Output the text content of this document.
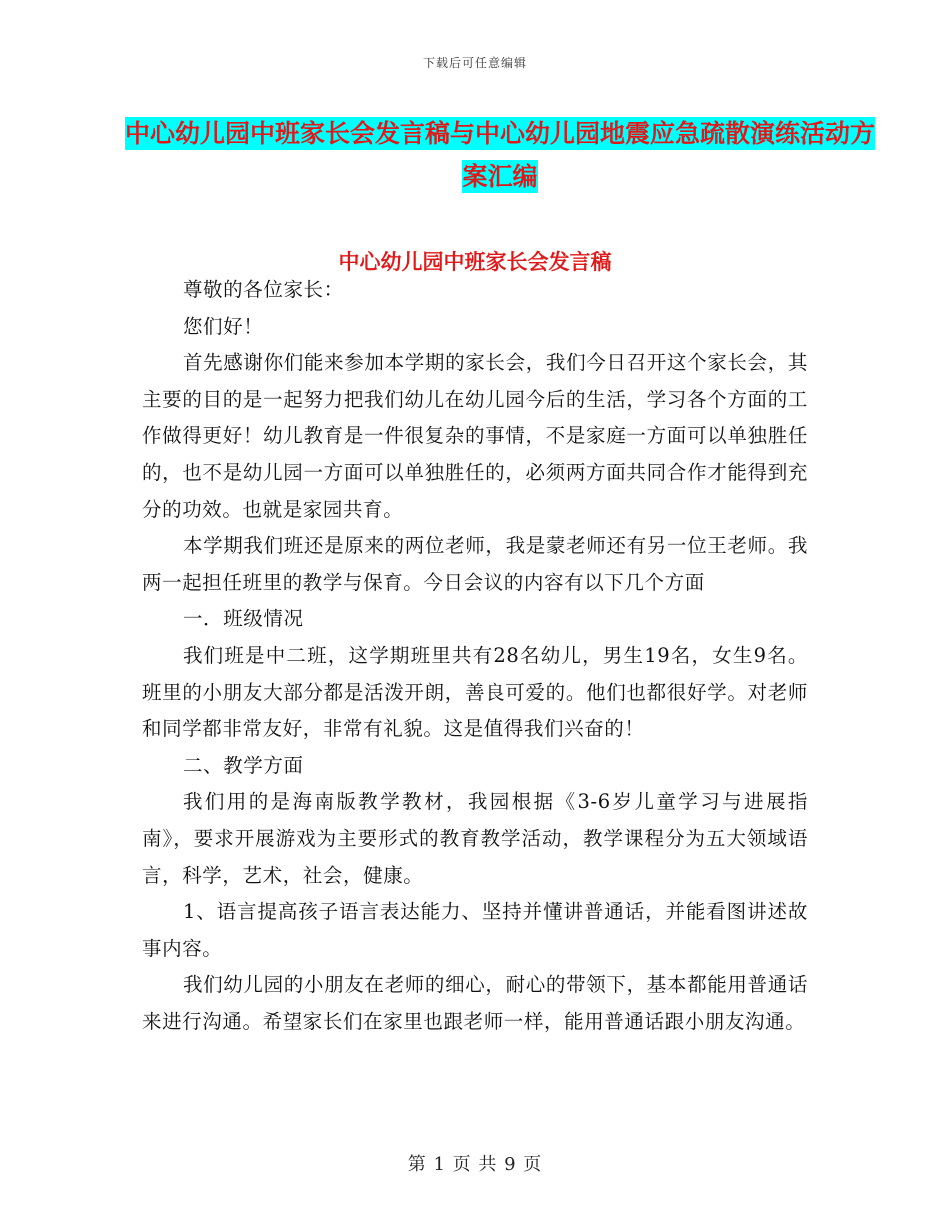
下载后可任意编辑
中心幼儿园中班家长会发言稿与中心幼儿园地震应急疏散演练活动方案汇编
中心幼儿园中班家长会发言稿

尊敬的各位家长：

您们好！

首先感谢你们能来参加本学期的家长会，我们今日召开这个家长会，其主要的目的是一起努力把我们幼儿在幼儿园今后的生活，学习各个方面的工作做得更好！幼儿教育是一件很复杂的事情，不是家庭一方面可以单独胜任的，也不是幼儿园一方面可以单独胜任的，必须两方面共同合作才能得到充分的功效。也就是家园共育。

本学期我们班还是原来的两位老师，我是蒙老师还有另一位王老师。我两一起担任班里的教学与保育。今日会议的内容有以下几个方面

一．班级情况

我们班是中二班，这学期班里共有28名幼儿，男生19名，女生9名。班里的小朋友大部分都是活泼开朗，善良可爱的。他们也都很好学。对老师和同学都非常友好，非常有礼貌。这是值得我们兴奋的！

二、教学方面

我们用的是海南版教学教材，我园根据《3-6岁儿童学习与进展指南》，要求开展游戏为主要形式的教育教学活动，教学课程分为五大领域语言，科学，艺术，社会，健康。

1、语言提高孩子语言表达能力、坚持并懂讲普通话，并能看图讲述故事内容。

我们幼儿园的小朋友在老师的细心，耐心的带领下，基本都能用普通话来进行沟通。希望家长们在家里也跟老师一样，能用普通话跟小朋友沟通。

第 1 页 共 9 页
